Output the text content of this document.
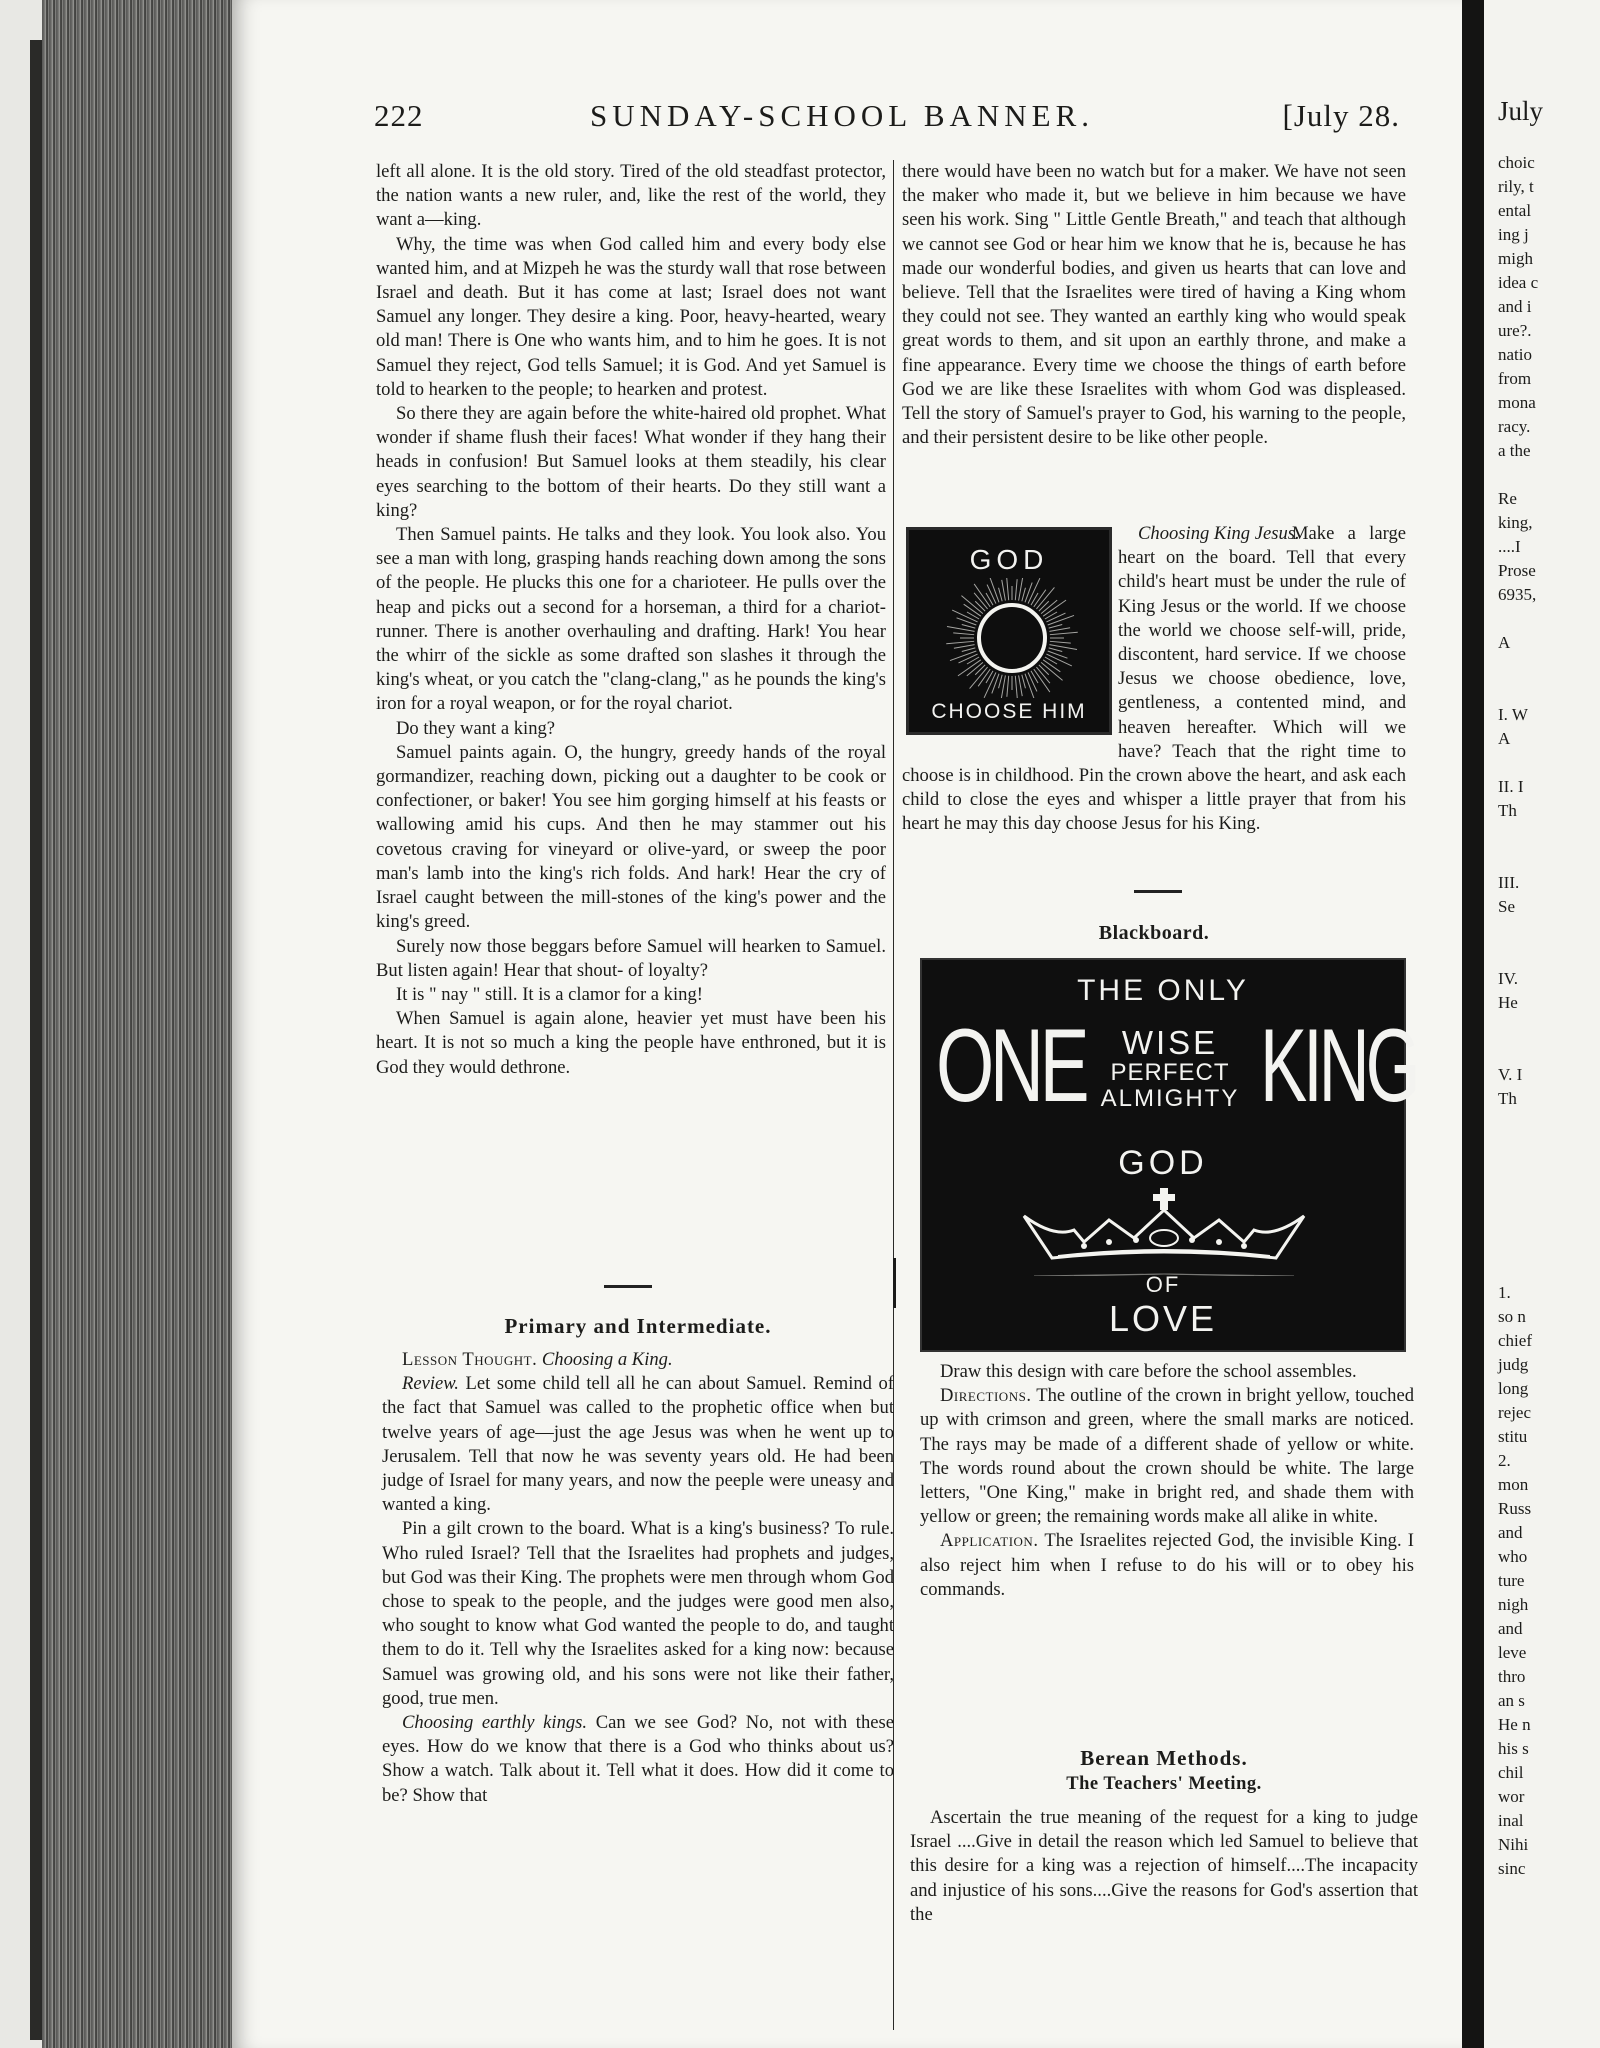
July
choic
rily, t
ental
ing j
migh
idea c
and i
ure?.
natio
from
mona
racy.
a the
Re
king,
....I
Prose
6935,
A
I. W
A
II. I
Th
III.
Se
IV.
He
V. I
Th
1.
so n
chief
judg
long
rejec
stitu
2.
mon
Russ
and
who
ture
nigh
and
leve
thro
an s
He n
his s
chil
wor
inal
Nihi
sinc
222	SUNDAY-SCHOOL BANNER.	[July 28.

left all alone. It is the old story. Tired of the old steadfast protector, the nation wants a new ruler, and, like the rest of the world, they want a—king.

Why, the time was when God called him and every body else wanted him, and at Mizpeh he was the sturdy wall that rose between Israel and death. But it has come at last; Israel does not want Samuel any longer. They desire a king. Poor, heavy-hearted, weary old man! There is One who wants him, and to him he goes. It is not Samuel they reject, God tells Samuel; it is God. And yet Samuel is told to hearken to the people; to hearken and protest.

So there they are again before the white-haired old prophet. What wonder if shame flush their faces! What wonder if they hang their heads in confusion! But Samuel looks at them steadily, his clear eyes searching to the bottom of their hearts. Do they still want a king?

Then Samuel paints. He talks and they look. You look also. You see a man with long, grasping hands reaching down among the sons of the people. He plucks this one for a charioteer. He pulls over the heap and picks out a second for a horseman, a third for a chariot-runner. There is another overhauling and drafting. Hark! You hear the whirr of the sickle as some drafted son slashes it through the king's wheat, or you catch the "clang-clang," as he pounds the king's iron for a royal weapon, or for the royal chariot.

Do they want a king?

Samuel paints again. O, the hungry, greedy hands of the royal gormandizer, reaching down, picking out a daughter to be cook or confectioner, or baker! You see him gorging himself at his feasts or wallowing amid his cups. And then he may stammer out his covetous craving for vineyard or olive-yard, or sweep the poor man's lamb into the king's rich folds. And hark! Hear the cry of Israel caught between the mill-stones of the king's power and the king's greed.

Surely now those beggars before Samuel will hearken to Samuel. But listen again! Hear that shout- of loyalty?

It is " nay " still. It is a clamor for a king!

When Samuel is again alone, heavier yet must have been his heart. It is not so much a king the people have enthroned, but it is God they would dethrone.

Primary and Intermediate.

Lesson Thought. Choosing a King.

Review. Let some child tell all he can about Samuel. Remind of the fact that Samuel was called to the prophetic office when but twelve years of age—just the age Jesus was when he went up to Jerusalem. Tell that now he was seventy years old. He had been judge of Israel for many years, and now the peeple were uneasy and wanted a king.

Pin a gilt crown to the board. What is a king's business? To rule. Who ruled Israel? Tell that the Israelites had prophets and judges, but God was their King. The prophets were men through whom God chose to speak to the people, and the judges were good men also, who sought to know what God wanted the people to do, and taught them to do it. Tell why the Israelites asked for a king now: because Samuel was growing old, and his sons were not like their father, good, true men.

Choosing earthly kings. Can we see God? No, not with these eyes. How do we know that there is a God who thinks about us? Show a watch. Talk about it. Tell what it does. How did it come to be? Show that

there would have been no watch but for a maker. We have not seen the maker who made it, but we believe in him because we have seen his work. Sing " Little Gentle Breath," and teach that although we cannot see God or hear him we know that he is, because he has made our wonderful bodies, and given us hearts that can love and believe. Tell that the Israelites were tired of having a King whom they could not see. They wanted an earthly king who would speak great words to them, and sit upon an earthly throne, and make a fine appearance. Every time we choose the things of earth before God we are like these Israelites with whom God was displeased. Tell the story of Samuel's prayer to God, his warning to the people, and their persistent desire to be like other people.

GOD
CHOOSE HIM

Choosing King Jesus.

Make a large heart on the board. Tell that every child's heart must be under the rule of King Jesus or the world. If we choose the world we choose self-will, pride, discontent, hard service. If we choose Jesus we choose obedience, love, gentleness, a contented mind, and heaven hereafter. Which will we have? Teach that the right time to choose is in childhood. Pin the crown above the heart, and ask each child to close the eyes and whisper a little prayer that from his heart he may this day choose Jesus for his King.

Blackboard.
THE ONLY
ONE	WISE
PERFECT
ALMIGHTY KING
GOD
OF
LOVE

Draw this design with care before the school assembles.

Directions. The outline of the crown in bright yellow, touched up with crimson and green, where the small marks are noticed. The rays may be made of a different shade of yellow or white. The words round about the crown should be white. The large letters, "One King," make in bright red, and shade them with yellow or green; the remaining words make all alike in white.

Application. The Israelites rejected God, the invisible King. I also reject him when I refuse to do his will or to obey his commands.

Berean Methods.
The Teachers' Meeting.

Ascertain the true meaning of the request for a king to judge Israel ....Give in detail the reason which led Samuel to believe that this desire for a king was a rejection of himself....The incapacity and injustice of his sons....Give the reasons for God's assertion that the
